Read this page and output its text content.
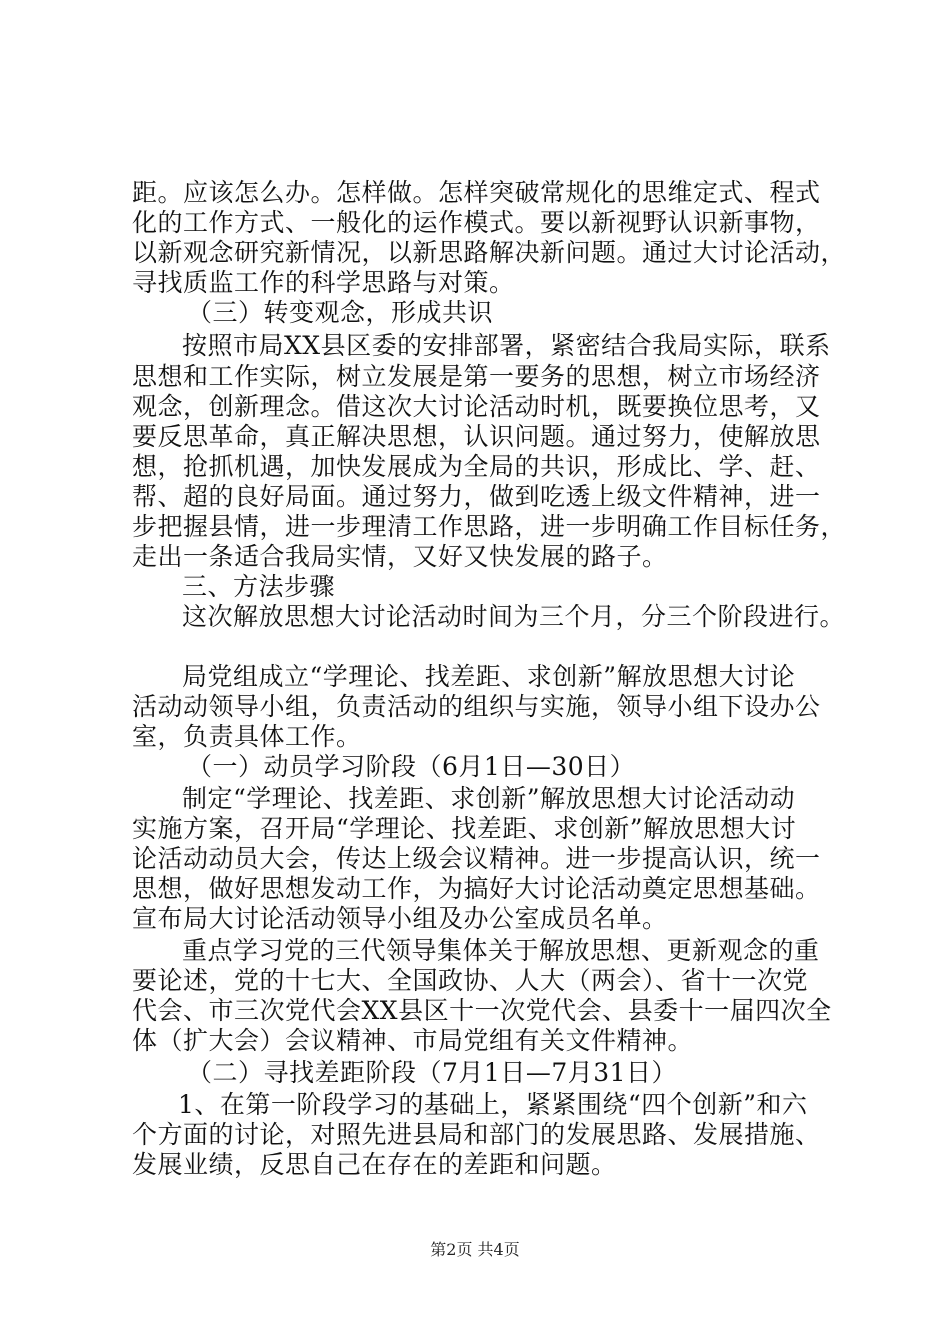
距。应该怎么办。怎样做。怎样突破常规化的思维定式、程式
化的工作方式、一般化的运作模式。要以新视野认识新事物，
以新观念研究新情况，以新思路解决新问题。通过大讨论活动，
寻找质监工作的科学思路与对策。
（三）转变观念，形成共识
按照市局XX县区委的安排部署，紧密结合我局实际，联系
思想和工作实际，树立发展是第一要务的思想，树立市场经济
观念，创新理念。借这次大讨论活动时机，既要换位思考，又
要反思革命，真正解决思想，认识问题。通过努力，使解放思
想，抢抓机遇，加快发展成为全局的共识，形成比、学、赶、
帮、超的良好局面。通过努力，做到吃透上级文件精神，进一
步把握县情，进一步理清工作思路，进一步明确工作目标任务，
走出一条适合我局实情，又好又快发展的路子。
三、方法步骤
这次解放思想大讨论活动时间为三个月，分三个阶段进行。
局党组成立“学理论、找差距、求创新”解放思想大讨论
活动动领导小组，负责活动的组织与实施，领导小组下设办公
室，负责具体工作。
（一）动员学习阶段（6月1日—30日）
制定“学理论、找差距、求创新”解放思想大讨论活动动
实施方案，召开局“学理论、找差距、求创新”解放思想大讨
论活动动员大会，传达上级会议精神。进一步提高认识，统一
思想，做好思想发动工作，为搞好大讨论活动奠定思想基础。
宣布局大讨论活动领导小组及办公室成员名单。
重点学习党的三代领导集体关于解放思想、更新观念的重
要论述，党的十七大、全国政协、人大（两会）、省十一次党
代会、市三次党代会XX县区十一次党代会、县委十一届四次全
体（扩大会）会议精神、市局党组有关文件精神。
（二）寻找差距阶段（7月1日—7月31日）
1、在第一阶段学习的基础上，紧紧围绕“四个创新”和六
个方面的讨论，对照先进县局和部门的发展思路、发展措施、
发展业绩，反思自己在存在的差距和问题。
第2页 共4页
